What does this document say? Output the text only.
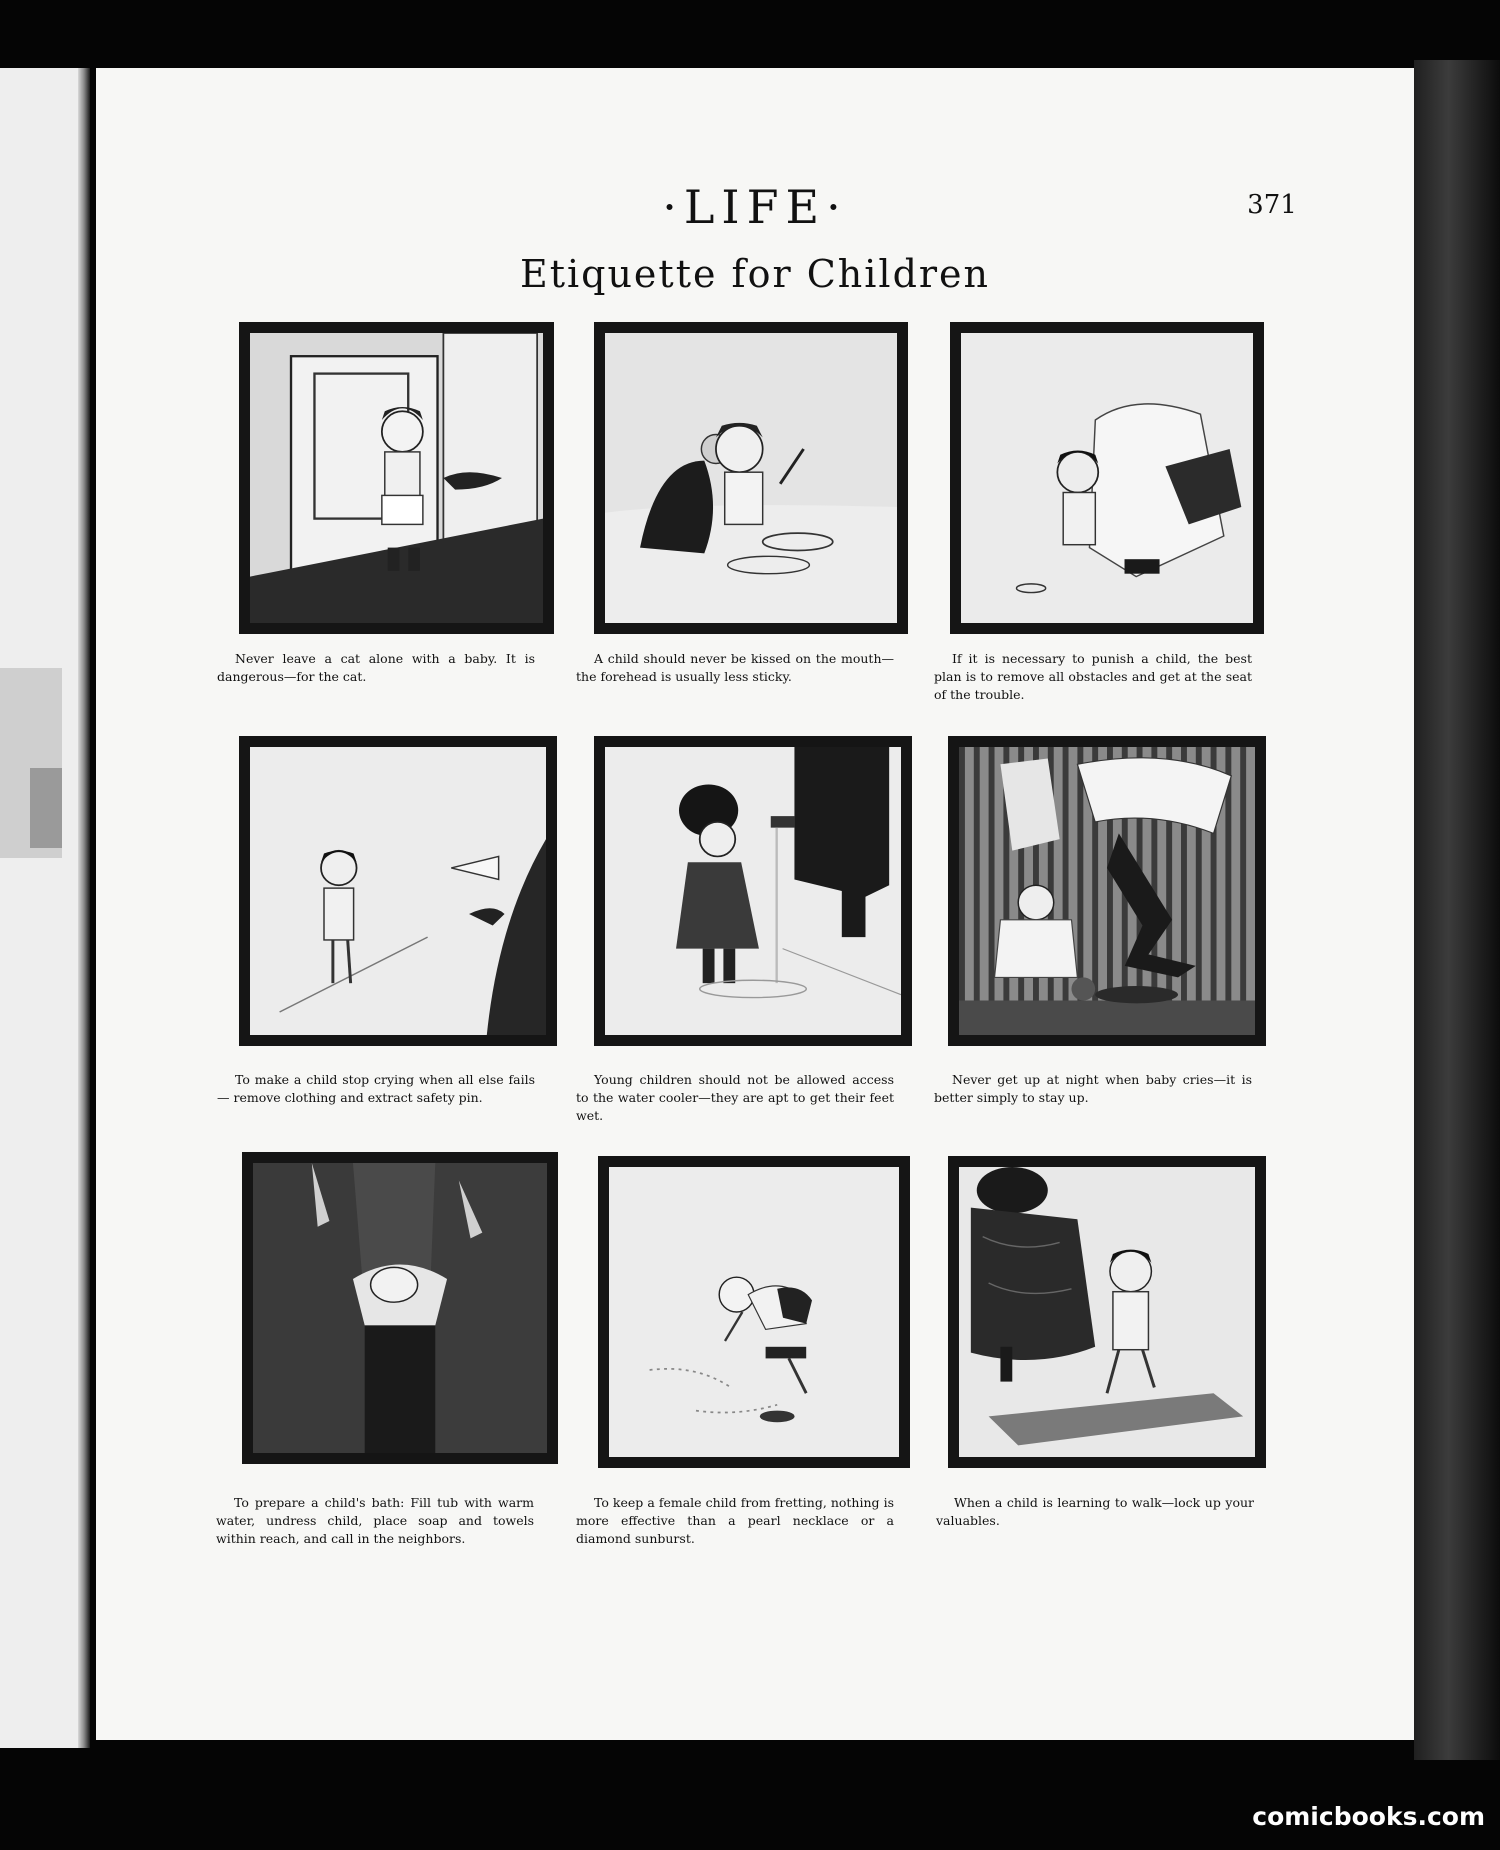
·LIFE·	371
Etiquette for Children
Never leave a cat alone with a baby. It is dangerous—for the cat.
A child should never be kissed on the mouth—the forehead is usually less sticky.
If it is necessary to punish a child, the best plan is to remove all obstacles and get at the seat of the trouble.
To make a child stop crying when all else fails — remove clothing and extract safety pin.
Young children should not be allowed access to the water cooler—they are apt to get their feet wet.
Never get up at night when baby cries—it is better simply to stay up.
To prepare a child's bath: Fill tub with warm water, undress child, place soap and towels within reach, and call in the neighbors.
To keep a female child from fretting, nothing is more effective than a pearl necklace or a diamond sunburst.
When a child is learning to walk—lock up your valuables.
comicbooks.com
